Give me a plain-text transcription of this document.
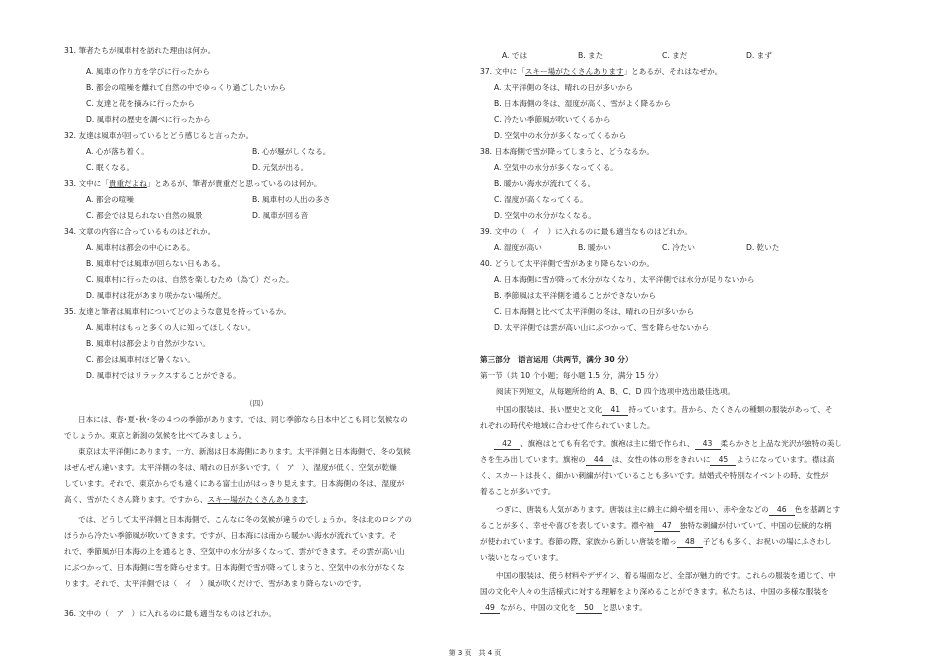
31. 筆者たちが風車村を訪れた理由は何か。
A. 風車の作り方を学びに行ったから
B. 都会の喧噪を離れて自然の中でゆっくり過ごしたいから
C. 友達と花を摘みに行ったから
D. 風車村の歴史を調べに行ったから
32. 友達は風車が回っているとどう感じると言ったか。
A. 心が落ち着く。	B. 心が騒がしくなる。
C. 眠くなる。	D. 元気が出る。
33. 文中に「貴重だよね」とあるが、筆者が貴重だと思っているのは何か。
A. 都会の喧噪	B. 風車村の人出の多さ
C. 都会では見られない自然の風景	D. 風車が回る音
34. 文章の内容に合っているものはどれか。
A. 風車村は都会の中心にある。
B. 風車村では風車が回らない日もある。
C. 風車村に行ったのは、自然を楽しむため（為て）だった。
D. 風車村は花があまり咲かない場所だ。
35. 友達と筆者は風車村についてどのような意見を持っているか。
A. 風車村はもっと多くの人に知ってほしくない。
B. 風車村は都会より自然が少ない。
C. 都会は風車村ほど暑くない。
D. 風車村ではリラックスすることができる。
（四）
日本には、春･夏･秋･冬の４つの季節があります。では、同じ季節なら日本中どこも同じ気候なの
でしょうか。東京と新潟の気候を比べてみましょう。
東京は太平洋側にあります。一方、新潟は日本海側にあります。太平洋側と日本海側で、冬の気候
はぜんぜん違います。太平洋側の冬は、晴れの日が多いです。（　ア　）、湿度が低く、空気が乾燥
しています。それで、東京からでも遠くにある富士山がはっきり見えます。日本海側の冬は、湿度が
高く、雪がたくさん降ります。ですから、スキー場がたくさんあります。
では、どうして太平洋側と日本海側で、こんなに冬の気候が違うのでしょうか。冬は北のロシアの
ほうから冷たい季節風が吹いてきます。ですが、日本海には南から暖かい海水が流れています。そ
れで、季節風が日本海の上を通るとき、空気中の水分が多くなって、雲ができます。その雲が高い山
にぶつかって、日本海側に雪を降らせます。日本海側で雪が降ってしまうと、空気中の水分がなくな
ります。それで、太平洋側では（　イ　）風が吹くだけで、雪があまり降らないのです。
36. 文中の（　ア　）に入れるのに最も適当なものはどれか。
A. では	B. また	C. まだ	D. まず
37. 文中に「スキー場がたくさんあります」とあるが、それはなぜか。
A. 太平洋側の冬は、晴れの日が多いから
B. 日本海側の冬は、湿度が高く、雪がよく降るから
C. 冷たい季節風が吹いてくるから
D. 空気中の水分が多くなってくるから
38. 日本海側で雪が降ってしまうと、どうなるか。
A. 空気中の水分が多くなってくる。
B. 暖かい海水が流れてくる。
C. 湿度が高くなってくる。
D. 空気中の水分がなくなる。
39. 文中の（　イ　）に入れるのに最も適当なものはどれか。
A. 湿度が高い	B. 暖かい	C. 冷たい	D. 乾いた
40. どうして太平洋側で雪があまり降らないのか。
A. 日本海側に雪が降って水分がなくなり、太平洋側では水分が足りないから
B. 季節風は太平洋側を通ることができないから
C. 日本海側と比べて太平洋側の冬は、晴れの日が多いから
D. 太平洋側では雲が高い山にぶつかって、雪を降らせないから
第三部分　语言运用（共两节，满分 30 分）
第一节（共 10 个小题；每小题 1.5 分，满分 15 分）
阅读下列短文，从每题所给的 A、B、C、D 四个选项中选出最佳选项。
中国の服装は、長い歴史と文化 41 持っています。昔から、たくさんの種類の服装があって、そ
れぞれの時代や地域に合わせて作られていました。
42 、旗袍はとても有名です。旗袍は主に絹で作られ、 43 柔らかさと上品な光沢が独特の美し
さを生み出しています。旗袍の 44 は、女性の体の形をきれいに 45 ようになっています。襟は高
く、スカートは長く、細かい刺繍が付いていることも多いです。結婚式や特別なイベントの時、女性が
着ることが多いです。
つぎに、唐装も人気があります。唐装は主に綿主に綿や絹を用い、赤や金などの 46 色を基調とす
ることが多く、幸せや喜びを表しています。襟や袖 47 独特な刺繍が付いていて、中国の伝統的な柄
が使われています。春節の際、家族から新しい唐装を贈っ 48 子どもも多く、お祝いの場にふさわし
い装いとなっています。
中国の服装は、使う材料やデザイン、着る場面など、全部が魅力的です。これらの服装を通じて、中
国の文化や人々の生活様式に対する理解をより深めることができます。私たちは、中国の多様な服装を
49 ながら、中国の文化を 50 と思います。
第 3 页　共 4 页
